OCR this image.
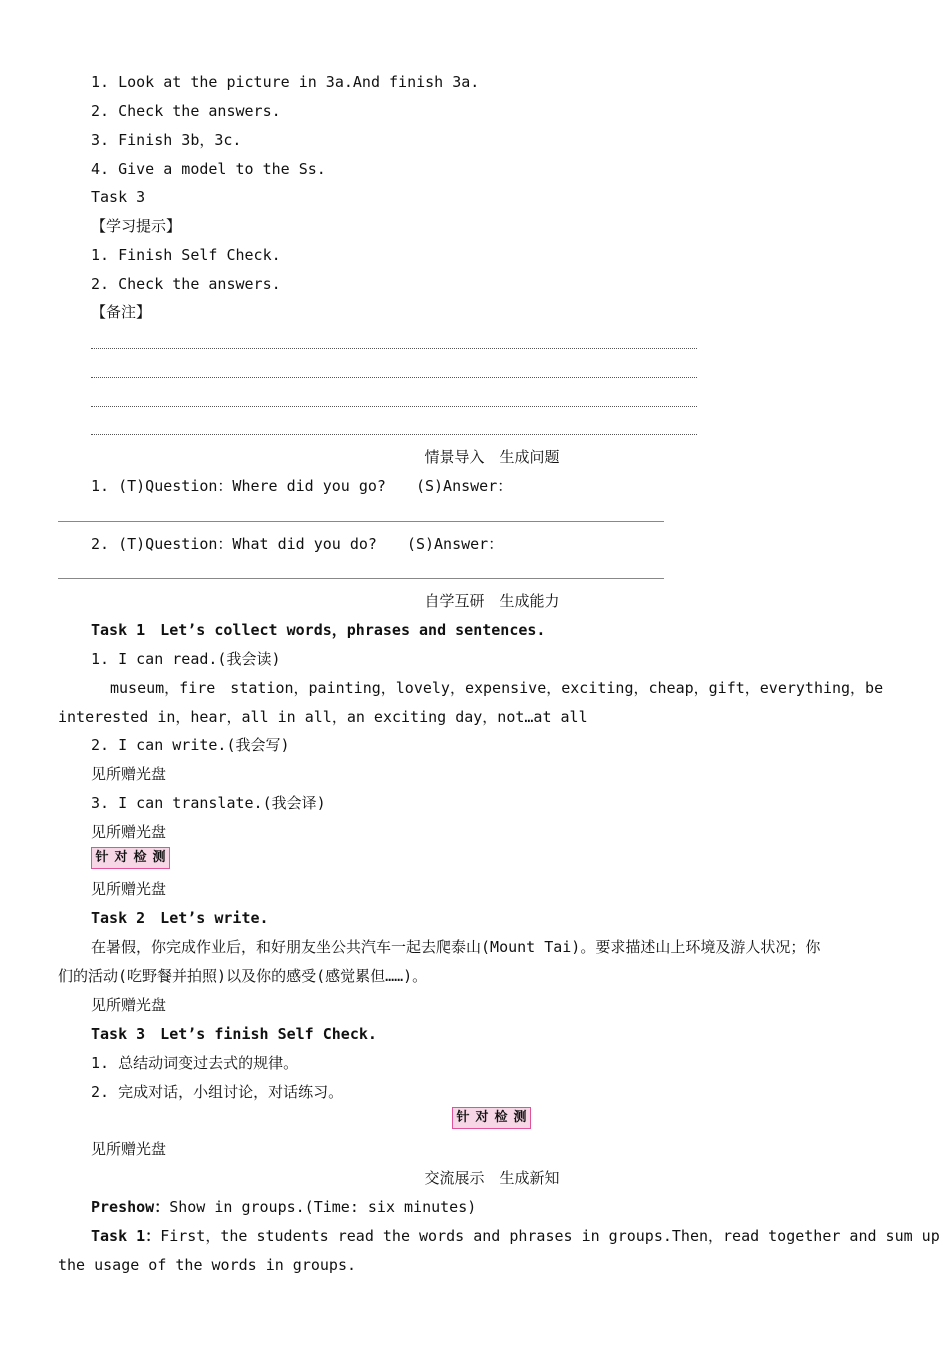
1. Look at the picture in 3a.And finish 3a.
2. Check the answers.
3. Finish 3b，3c.
4. Give a model to the Ss.
Task 3
【学习提示】
1. Finish Self Check.
2. Check the answers.
【备注】
情景导入　生成问题
1. (T)Question：Where did you go?　　(S)Answer：
2. (T)Question：What did you do?　　(S)Answer：
自学互研　生成能力
Task 1　Let’s collect words，phrases and sentences.
1. I can read.(我会读)
museum，fire　station，painting，lovely，expensive，exciting，cheap，gift，everything，be
interested in，hear，all in all，an exciting day，not…at all
2. I can write.(我会写)
见所赠光盘
3. I can translate.(我会译)
见所赠光盘
针 对 检 测
见所赠光盘
Task 2　Let’s write.
在暑假，你完成作业后，和好朋友坐公共汽车一起去爬泰山(Mount Tai)。要求描述山上环境及游人状况；你
们的活动(吃野餐并拍照)以及你的感受(感觉累但……)。
见所赠光盘
Task 3　Let’s finish Self Check.
1. 总结动词变过去式的规律。
2. 完成对话，小组讨论，对话练习。
针 对 检 测
见所赠光盘
交流展示　生成新知
Preshow：Show in groups.(Time: six minutes)
Task 1：First，the students read the words and phrases in groups.Then，read together and sum up
the usage of the words in groups.
